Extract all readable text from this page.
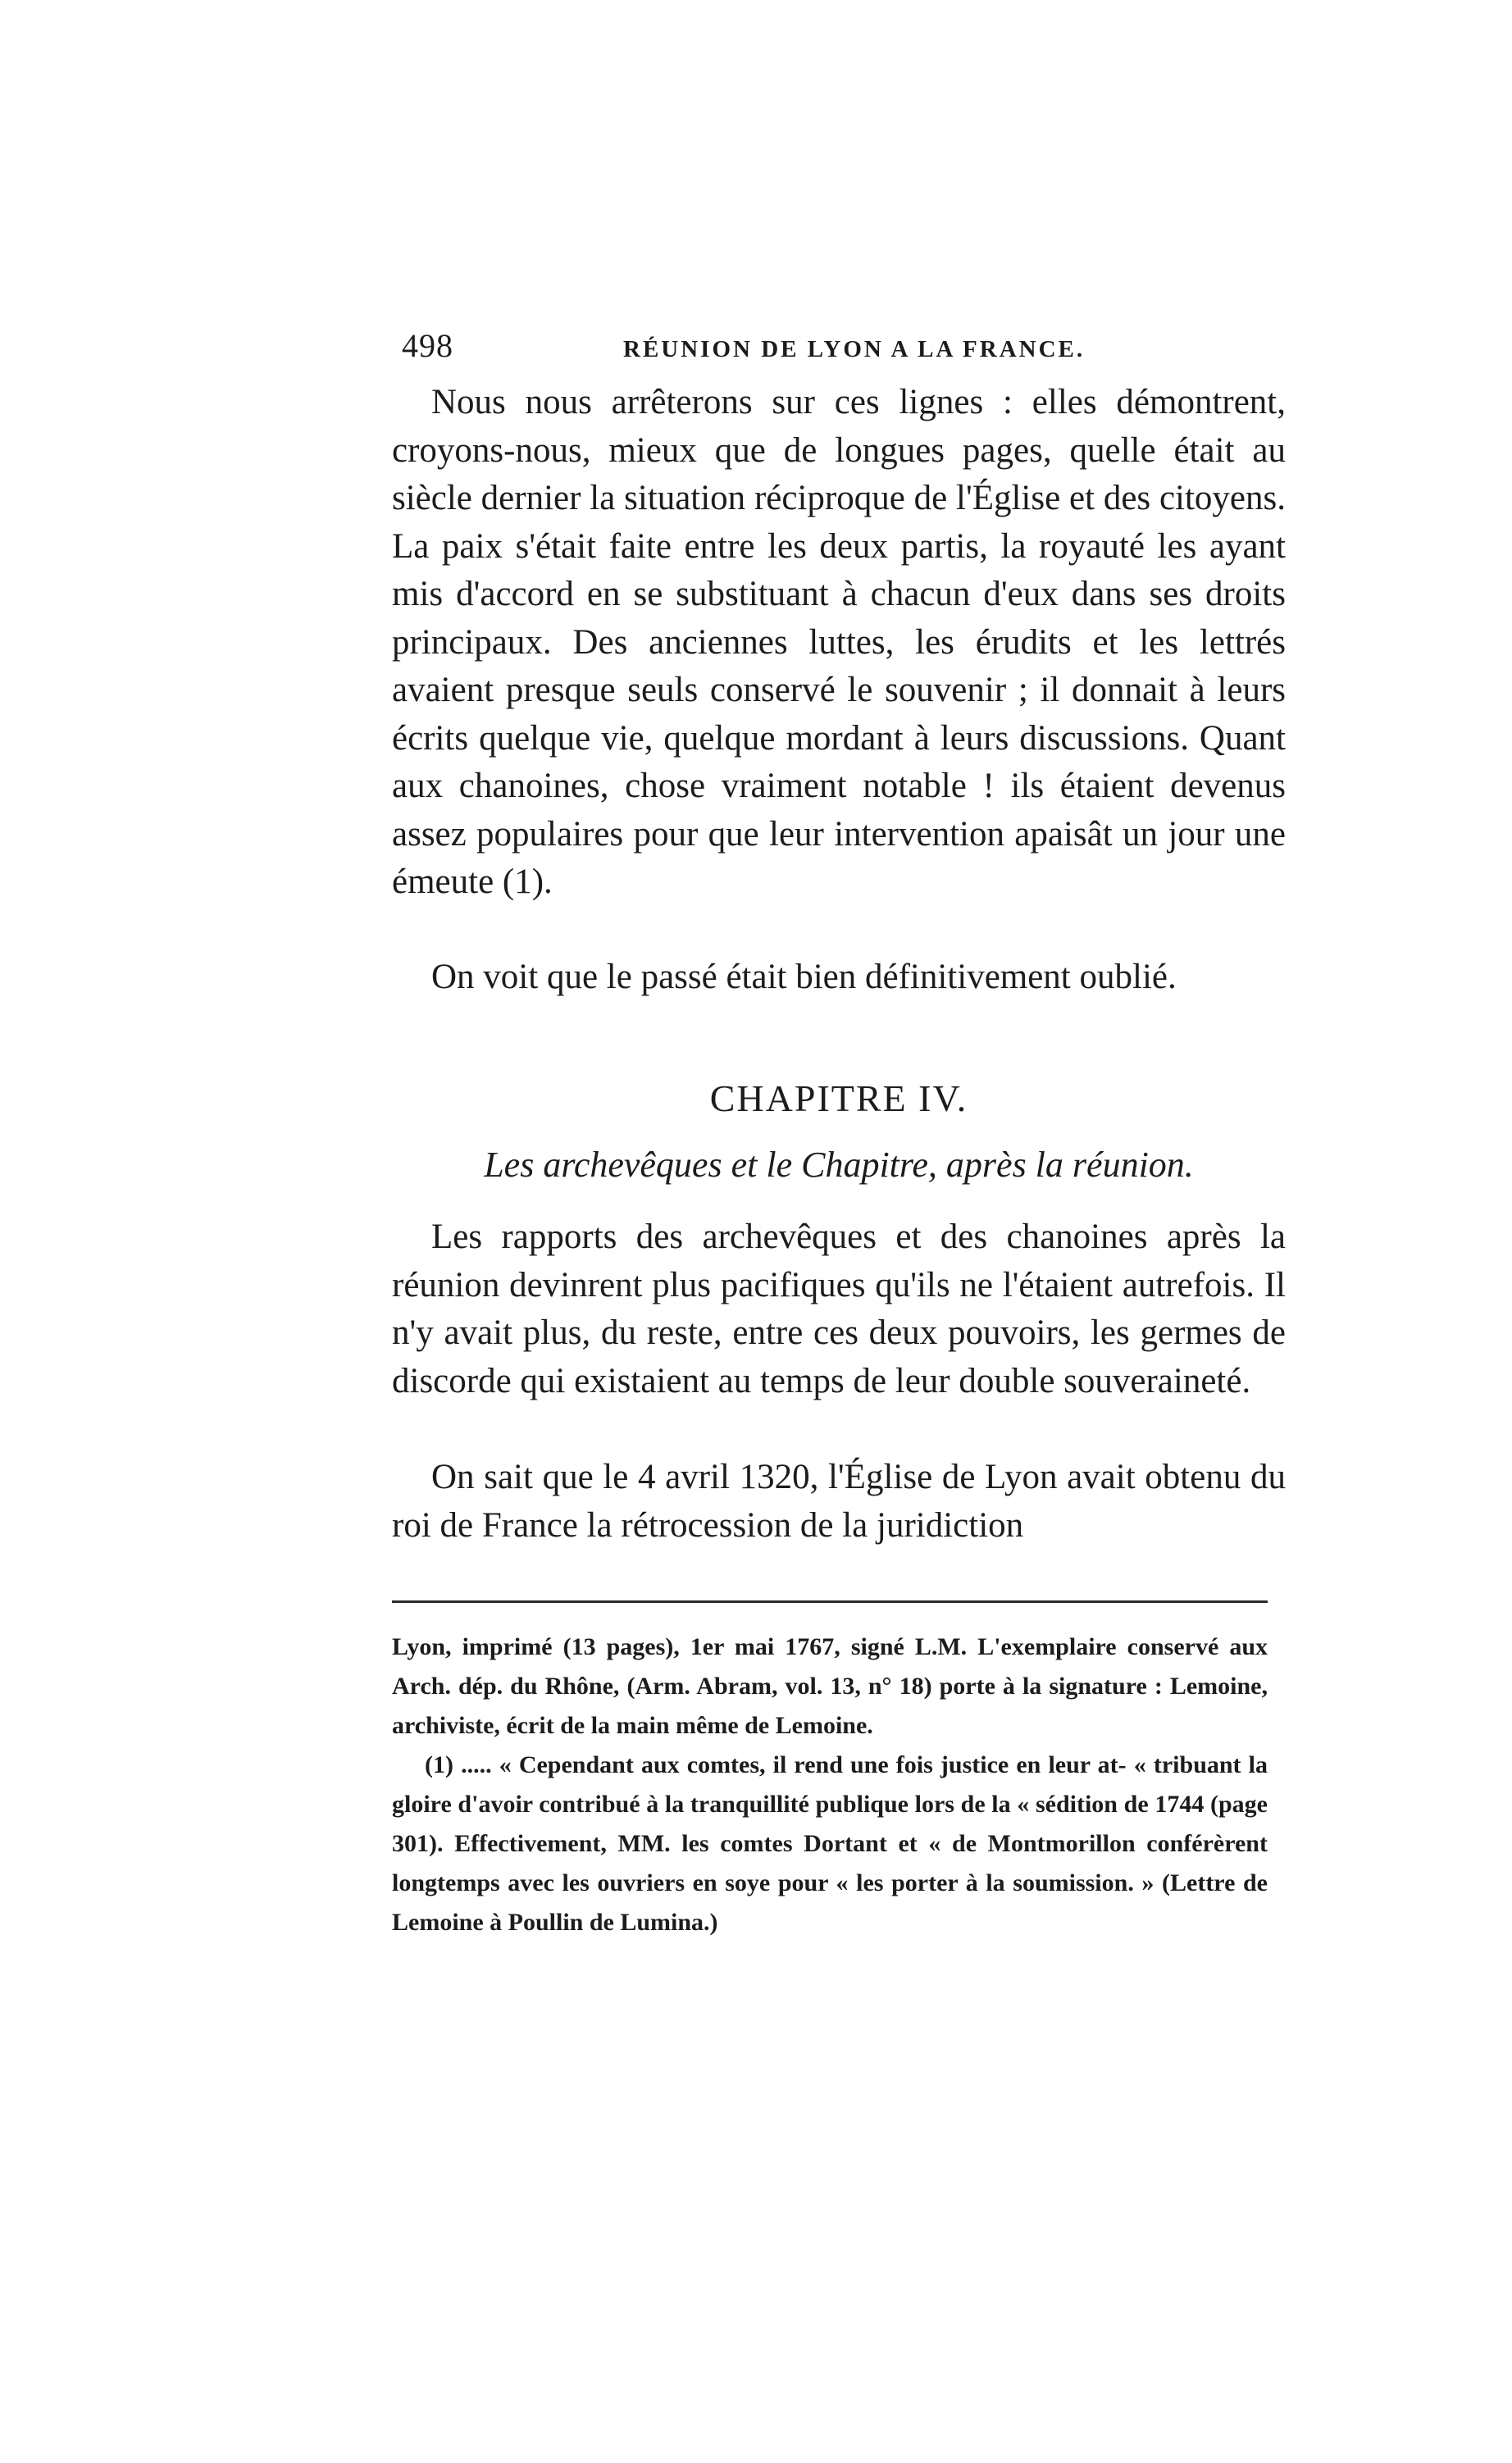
498	RÉUNION DE LYON A LA FRANCE.

Nous nous arrêterons sur ces lignes : elles démontrent, croyons-nous, mieux que de longues pages, quelle était au siècle dernier la situation réciproque de l'Église et des citoyens. La paix s'était faite entre les deux partis, la royauté les ayant mis d'accord en se substituant à chacun d'eux dans ses droits principaux. Des anciennes luttes, les érudits et les lettrés avaient presque seuls conservé le souvenir ; il donnait à leurs écrits quelque vie, quelque mordant à leurs discussions. Quant aux chanoines, chose vraiment notable ! ils étaient devenus assez populaires pour que leur intervention apaisât un jour une émeute (1).

On voit que le passé était bien définitivement oublié.

CHAPITRE IV.
Les archevêques et le Chapitre, après la réunion.

Les rapports des archevêques et des chanoines après la réunion devinrent plus pacifiques qu'ils ne l'étaient autrefois. Il n'y avait plus, du reste, entre ces deux pouvoirs, les germes de discorde qui existaient au temps de leur double souveraineté.

On sait que le 4 avril 1320, l'Église de Lyon avait obtenu du roi de France la rétrocession de la juridiction

Lyon, imprimé (13 pages), 1er mai 1767, signé L.M. L'exemplaire conservé aux Arch. dép. du Rhône, (Arm. Abram, vol. 13, n° 18) porte à la signature : Lemoine, archiviste, écrit de la main même de Lemoine.

(1) ..... « Cependant aux comtes, il rend une fois justice en leur at- « tribuant la gloire d'avoir contribué à la tranquillité publique lors de la « sédition de 1744 (page 301). Effectivement, MM. les comtes Dortant et « de Montmorillon conférèrent longtemps avec les ouvriers en soye pour « les porter à la soumission. » (Lettre de Lemoine à Poullin de Lumina.)
